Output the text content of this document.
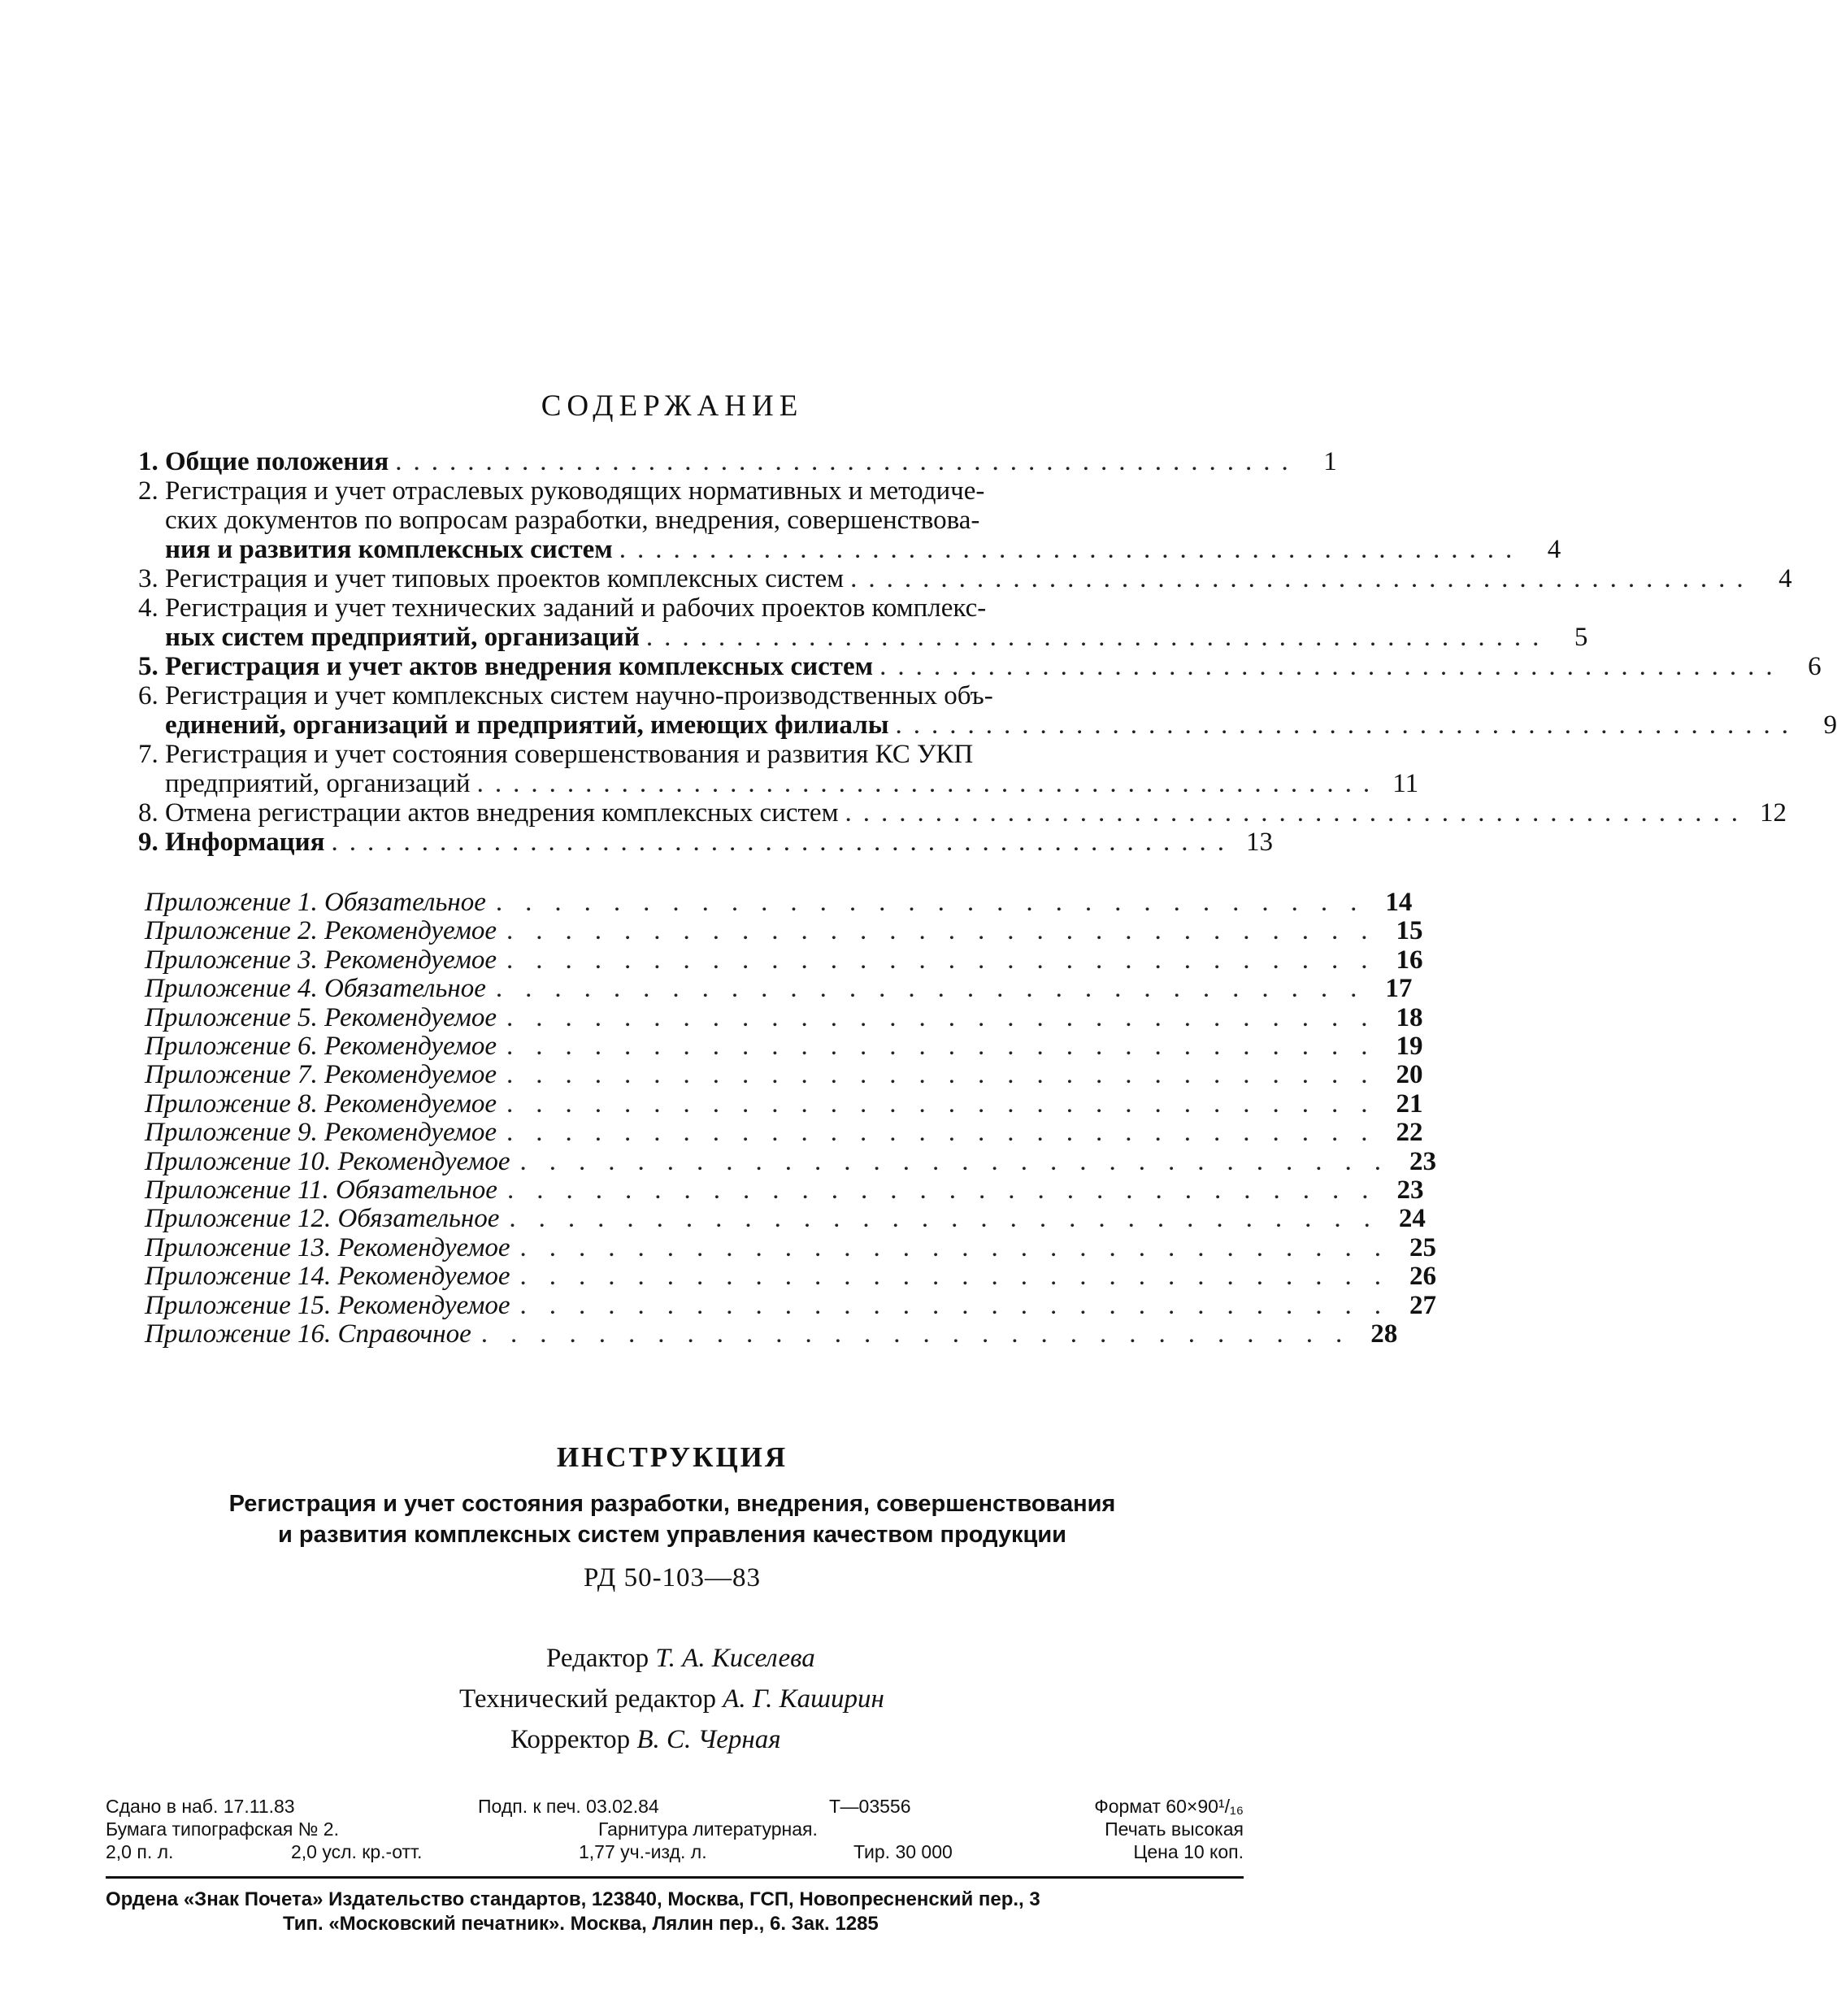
СОДЕРЖАНИЕ
1. Общие положения .................................................. 1
2. Регистрация и учет отраслевых руководящих нормативных и методиче-
ских документов по вопросам разработки, внедрения, совершенствова-
ния и развития комплексных систем .................................................. 4
3. Регистрация и учет типовых проектов комплексных систем .................................................. 4
4. Регистрация и учет технических заданий и рабочих проектов комплекс-
ных систем предприятий, организаций .................................................. 5
5. Регистрация и учет актов внедрения комплексных систем .................................................. 6
6. Регистрация и учет комплексных систем научно-производственных объ-
единений, организаций и предприятий, имеющих филиалы .................................................. 9
7. Регистрация и учет состояния совершенствования и развития КС УКП
предприятий, организаций .................................................. 11
8. Отмена регистрации актов внедрения комплексных систем .................................................. 12
9. Информация .................................................. 13
Приложение 1. Обязательное .............................. 14
Приложение 2. Рекомендуемое .............................. 15
Приложение 3. Рекомендуемое .............................. 16
Приложение 4. Обязательное .............................. 17
Приложение 5. Рекомендуемое .............................. 18
Приложение 6. Рекомендуемое .............................. 19
Приложение 7. Рекомендуемое .............................. 20
Приложение 8. Рекомендуемое .............................. 21
Приложение 9. Рекомендуемое .............................. 22
Приложение 10. Рекомендуемое .............................. 23
Приложение 11. Обязательное .............................. 23
Приложение 12. Обязательное .............................. 24
Приложение 13. Рекомендуемое .............................. 25
Приложение 14. Рекомендуемое .............................. 26
Приложение 15. Рекомендуемое .............................. 27
Приложение 16. Справочное .............................. 28
ИНСТРУКЦИЯ
Регистрация и учет состояния разработки, внедрения, совершенствования
и развития комплексных систем управления качеством продукции
РД 50-103—83
Редактор Т. А. Киселева
Технический редактор А. Г. Каширин
Корректор В. С. Черная
Сдано в наб. 17.11.83	Подп. к печ. 03.02.84	Т—03556	Формат 60×90¹/₁₆
Бумага типографская № 2.	Гарнитура литературная.	Печать высокая
2,0 п. л.	2,0 усл. кр.-отт.	1,77 уч.-изд. л.	Тир. 30 000	Цена 10 коп.
Ордена «Знак Почета» Издательство стандартов, 123840, Москва, ГСП, Новопресненский пер., 3
Тип. «Московский печатник». Москва, Лялин пер., 6. Зак. 1285
